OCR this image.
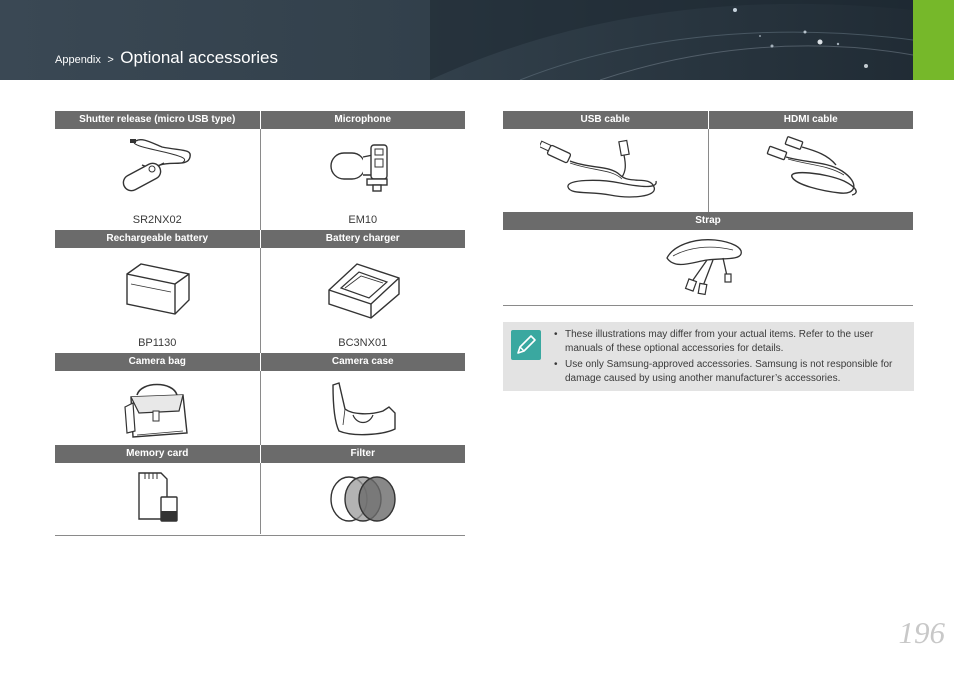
Appendix > Optional accessories
Shutter release (micro USB type)	Microphone

SR2NX02	EM10

Rechargeable battery	Battery charger

BP1130	BC3NX01

Camera bag	Camera case

Memory card	Filter

USB cable	HDMI cable

Strap	

• These illustrations may differ from your actual items. Refer to the user manuals of these optional accessories for details.
• Use only Samsung-approved accessories. Samsung is not responsible for damage caused by using another manufacturer’s accessories.
196
